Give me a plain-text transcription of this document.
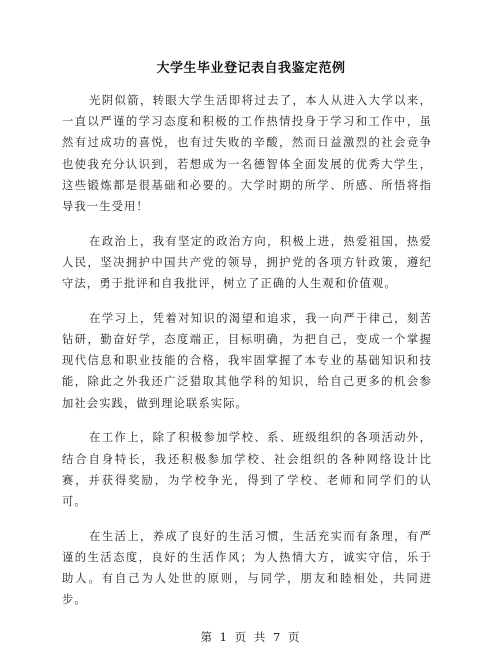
大学生毕业登记表自我鉴定范例

光阴似箭，转眼大学生活即将过去了，本人从进入大学以来，一直以严谨的学习态度和积极的工作热情投身于学习和工作中，虽然有过成功的喜悦，也有过失败的辛酸，然而日益激烈的社会竞争也使我充分认识到，若想成为一名德智体全面发展的优秀大学生，这些锻炼都是很基础和必要的。大学时期的所学、所感、所悟将指导我一生受用！

在政治上，我有坚定的政治方向，积极上进，热爱祖国，热爱人民，坚决拥护中国共产党的领导，拥护党的各项方针政策，遵纪守法，勇于批评和自我批评，树立了正确的人生观和价值观。

在学习上，凭着对知识的渴望和追求，我一向严于律己，刻苦钻研，勤奋好学，态度端正，目标明确，为把自己，变成一个掌握现代信息和职业技能的合格，我牢固掌握了本专业的基础知识和技能，除此之外我还广泛猎取其他学科的知识，给自己更多的机会参加社会实践，做到理论联系实际。

在工作上，除了积极参加学校、系、班级组织的各项活动外，结合自身特长，我还积极参加学校、社会组织的各种网络设计比赛，并获得奖励，为学校争光，得到了学校、老师和同学们的认可。

在生活上，养成了良好的生活习惯，生活充实而有条理，有严谨的生活态度，良好的生活作风；为人热情大方，诚实守信，乐于助人。有自己为人处世的原则，与同学，朋友和睦相处，共同进步。

第 1 页 共 7 页
